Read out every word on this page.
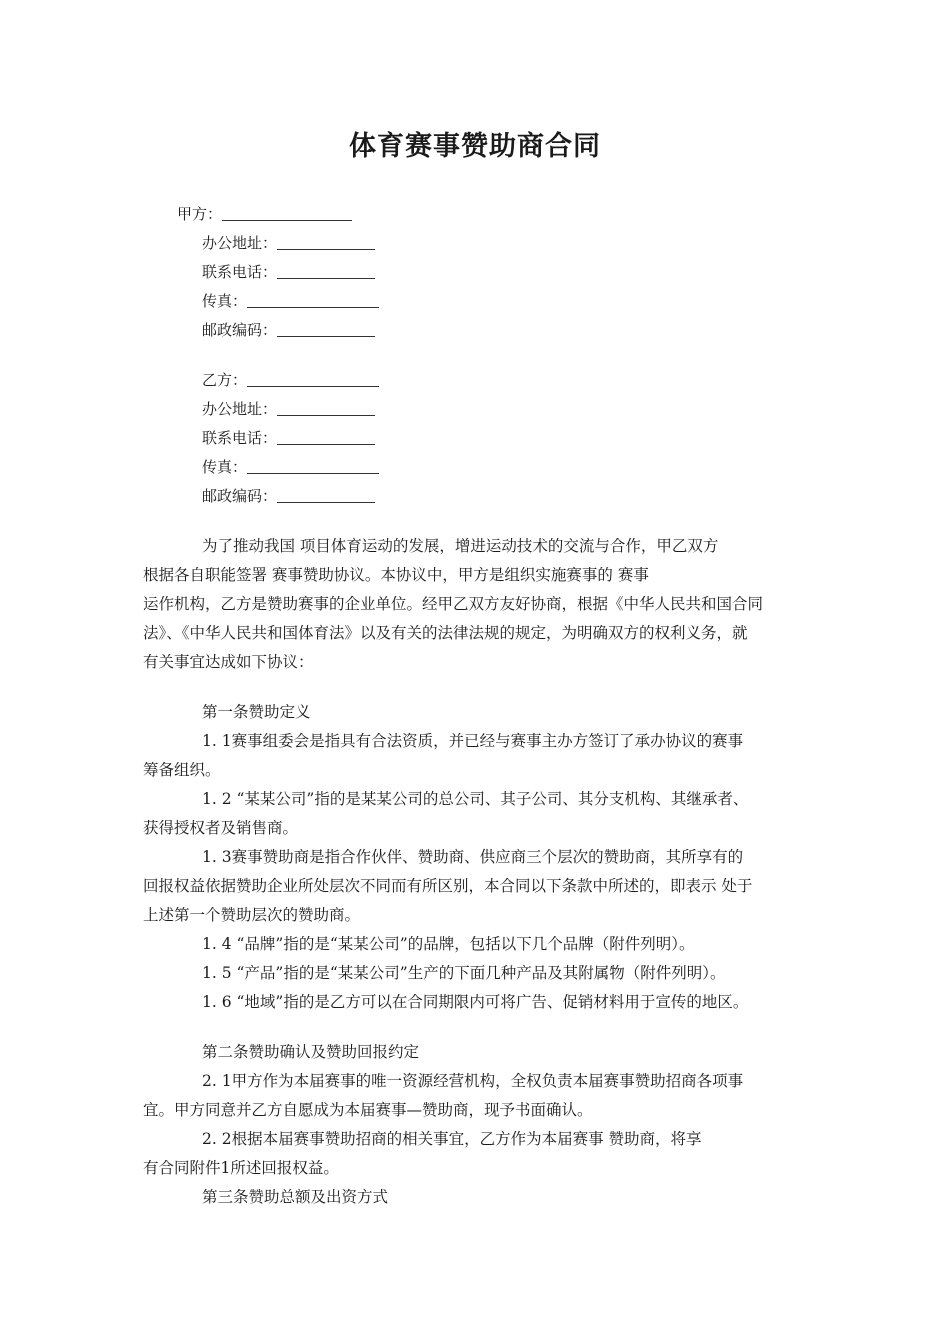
体育赛事赞助商合同
甲方：
办公地址：
联系电话：
传真：
邮政编码：
乙方：
办公地址：
联系电话：
传真：
邮政编码：
为了推动我国 项目体育运动的发展，增进运动技术的交流与合作，甲乙双方
根据各自职能签署 赛事赞助协议。本协议中，甲方是组织实施赛事的 赛事
运作机构，乙方是赞助赛事的企业单位。经甲乙双方友好协商，根据《中华人民共和国合同
法》、《中华人民共和国体育法》以及有关的法律法规的规定，为明确双方的权利义务，就
有关事宜达成如下协议：
第一条赞助定义
1. 1赛事组委会是指具有合法资质，并已经与赛事主办方签订了承办协议的赛事
筹备组织。
1. 2 “某某公司”指的是某某公司的总公司、其子公司、其分支机构、其继承者、
获得授权者及销售商。
1. 3赛事赞助商是指合作伙伴、赞助商、供应商三个层次的赞助商，其所享有的
回报权益依据赞助企业所处层次不同而有所区别，本合同以下条款中所述的，即表示 处于
上述第一个赞助层次的赞助商。
1. 4 “品牌”指的是“某某公司”的品牌，包括以下几个品牌（附件列明）。
1. 5 “产品”指的是“某某公司”生产的下面几种产品及其附属物（附件列明）。
1. 6 “地域”指的是乙方可以在合同期限内可将广告、促销材料用于宣传的地区。
第二条赞助确认及赞助回报约定
2. 1甲方作为本届赛事的唯一资源经营机构，全权负责本届赛事赞助招商各项事
宜。甲方同意并乙方自愿成为本届赛事—赞助商，现予书面确认。
2. 2根据本届赛事赞助招商的相关事宜，乙方作为本届赛事 赞助商，将享
有合同附件1所述回报权益。
第三条赞助总额及出资方式
